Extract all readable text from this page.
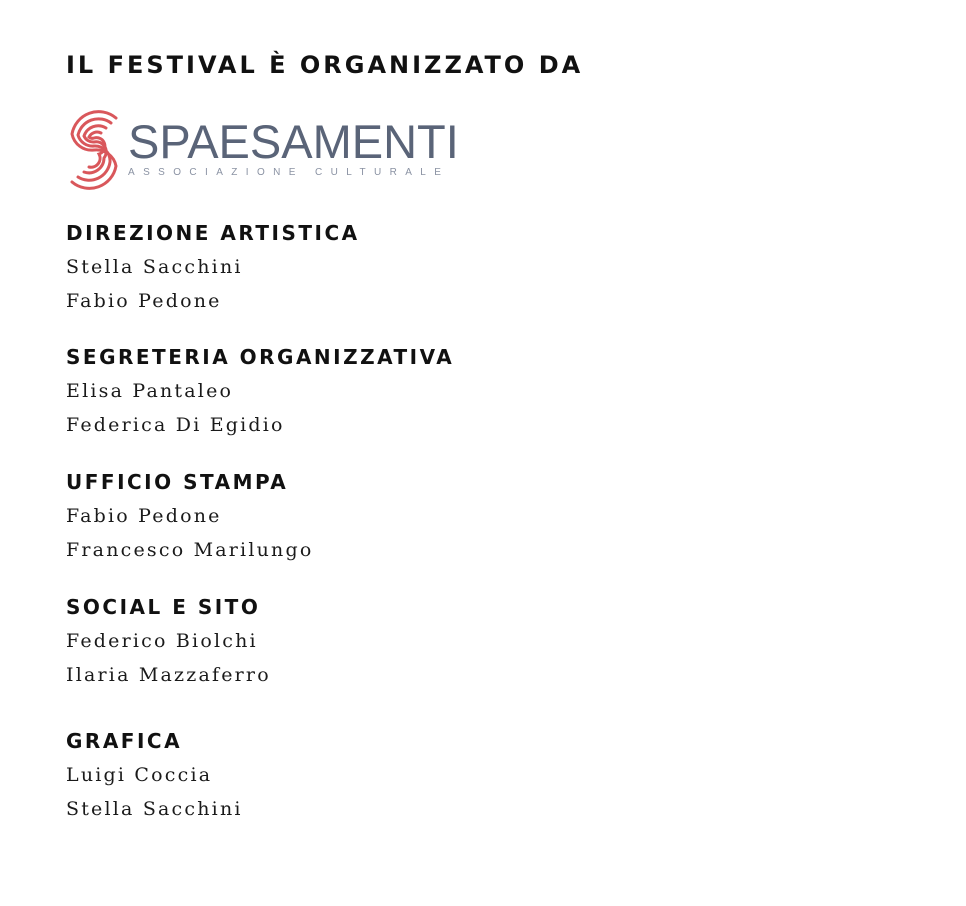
IL FESTIVAL È ORGANIZZATO DA
SPAESAMENTI
ASSOCIAZIONE CULTURALE
DIREZIONE ARTISTICA
Stella Sacchini
Fabio Pedone
SEGRETERIA ORGANIZZATIVA
Elisa Pantaleo
Federica Di Egidio
UFFICIO STAMPA
Fabio Pedone
Francesco Marilungo
SOCIAL E SITO
Federico Biolchi
Ilaria Mazzaferro
GRAFICA
Luigi Coccia
Stella Sacchini
